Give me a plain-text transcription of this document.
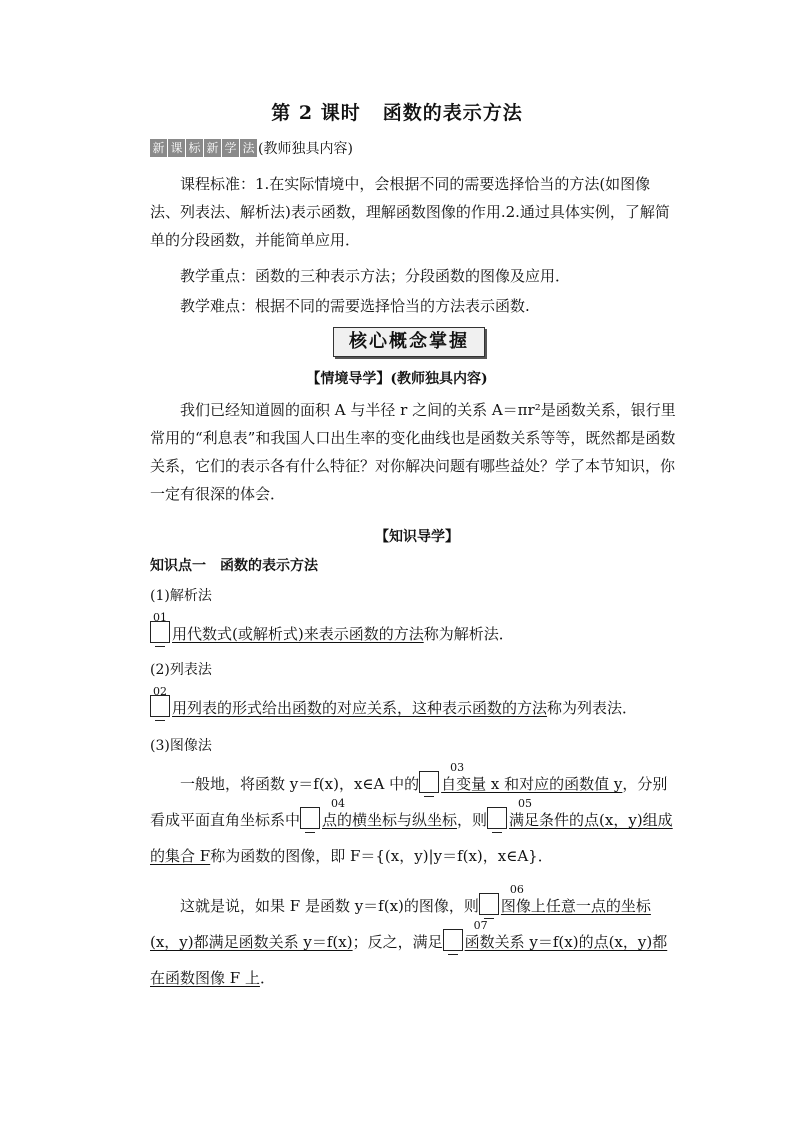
第 2 课时 函数的表示方法
新 课 标 新 学 法 (教师独具内容)
课程标准：1.在实际情境中，会根据不同的需要选择恰当的方法(如图像法、列表法、解析法)表示函数，理解函数图像的作用.2.通过具体实例，了解简单的分段函数，并能简单应用．
教学重点：函数的三种表示方法；分段函数的图像及应用．
教学难点：根据不同的需要选择恰当的方法表示函数.
核心概念掌握
【情境导学】(教师独具内容)
我们已经知道圆的面积 A 与半径 r 之间的关系 A＝πr²是函数关系，银行里常用的“利息表”和我国人口出生率的变化曲线也是函数关系等等，既然都是函数关系，它们的表示各有什么特征？对你解决问题有哪些益处？学了本节知识，你一定有很深的体会．
【知识导学】
知识点一　函数的表示方法
(1)解析法
01
用代数式(或解析式)来表示函数的方法称为解析法．
(2)列表法
02
用列表的形式给出函数的对应关系，这种表示函数的方法称为列表法．
(3)图像法
一般地，将函数 y＝f(x)，x∈A 中的
03
自变量 x 和对应的函数值 y，分别看成平面直角坐标系中
04
点的横坐标与纵坐标，则
05
满足条件的点(x，y)组成的集合 F称为函数的图像，即 F＝{(x，y)|y＝f(x)，x∈A}．
这就是说，如果 F 是函数 y＝f(x)的图像，则
06
图像上任意一点的坐标(x，y)都满足函数关系 y＝f(x)；反之，满足
07
函数关系 y＝f(x)的点(x，y)都在函数图像 F 上．
